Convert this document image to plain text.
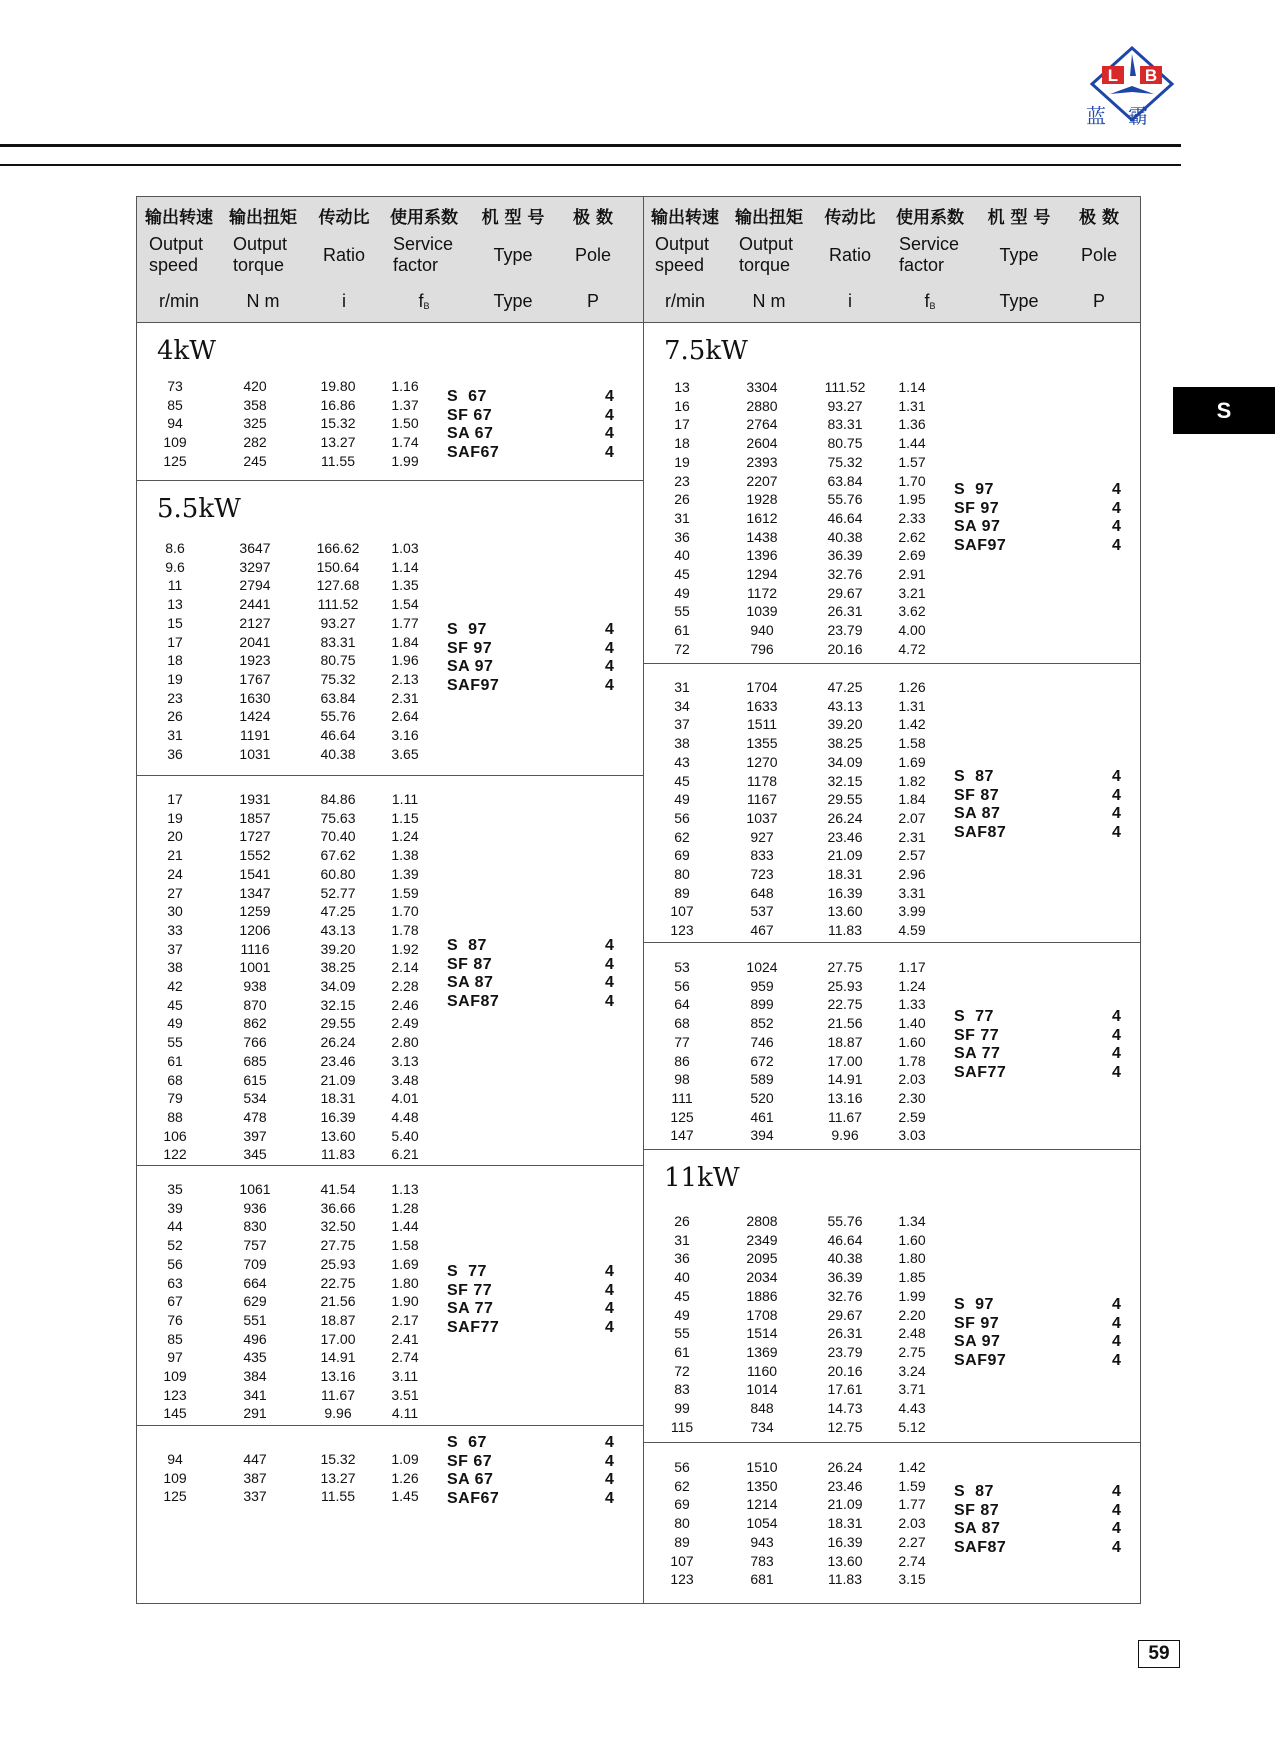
L B
蓝霸
S
输出转速
Output
speed
r/min
输出扭矩
Output
torque
N m
传动比
Ratio
i
使用系数
Service
factor
$f_B$
机 型 号
Type
Type
极 数
Pole
P
输出转速
Output
speed
r/min
输出扭矩
Output
torque
N m
传动比
Ratio
i
使用系数
Service
factor
$f_B$
机 型 号
Type
Type
极 数
Pole
P
4kW
73
85
94
109
125
420
358
325
282
245
19.80
16.86
15.32
13.27
11.55
1.16
1.37
1.50
1.74
1.99
S  67
SF 67
SA 67
SAF67
4
4
4
4
5.5kW
8.6
9.6
11
13
15
17
18
19
23
26
31
36
3647
3297
2794
2441
2127
2041
1923
1767
1630
1424
1191
1031
166.62
150.64
127.68
111.52
93.27
83.31
80.75
75.32
63.84
55.76
46.64
40.38
1.03
1.14
1.35
1.54
1.77
1.84
1.96
2.13
2.31
2.64
3.16
3.65
S  97
SF 97
SA 97
SAF97
4
4
4
4
17
19
20
21
24
27
30
33
37
38
42
45
49
55
61
68
79
88
106
122
1931
1857
1727
1552
1541
1347
1259
1206
1116
1001
938
870
862
766
685
615
534
478
397
345
84.86
75.63
70.40
67.62
60.80
52.77
47.25
43.13
39.20
38.25
34.09
32.15
29.55
26.24
23.46
21.09
18.31
16.39
13.60
11.83
1.11
1.15
1.24
1.38
1.39
1.59
1.70
1.78
1.92
2.14
2.28
2.46
2.49
2.80
3.13
3.48
4.01
4.48
5.40
6.21
S  87
SF 87
SA 87
SAF87
4
4
4
4
35
39
44
52
56
63
67
76
85
97
109
123
145
1061
936
830
757
709
664
629
551
496
435
384
341
291
41.54
36.66
32.50
27.75
25.93
22.75
21.56
18.87
17.00
14.91
13.16
11.67
9.96
1.13
1.28
1.44
1.58
1.69
1.80
1.90
2.17
2.41
2.74
3.11
3.51
4.11
S  77
SF 77
SA 77
SAF77
4
4
4
4
94
109
125
447
387
337
15.32
13.27
11.55
1.09
1.26
1.45
S  67
SF 67
SA 67
SAF67
4
4
4
4
7.5kW
13
16
17
18
19
23
26
31
36
40
45
49
55
61
72
3304
2880
2764
2604
2393
2207
1928
1612
1438
1396
1294
1172
1039
940
796
111.52
93.27
83.31
80.75
75.32
63.84
55.76
46.64
40.38
36.39
32.76
29.67
26.31
23.79
20.16
1.14
1.31
1.36
1.44
1.57
1.70
1.95
2.33
2.62
2.69
2.91
3.21
3.62
4.00
4.72
S  97
SF 97
SA 97
SAF97
4
4
4
4
31
34
37
38
43
45
49
56
62
69
80
89
107
123
1704
1633
1511
1355
1270
1178
1167
1037
927
833
723
648
537
467
47.25
43.13
39.20
38.25
34.09
32.15
29.55
26.24
23.46
21.09
18.31
16.39
13.60
11.83
1.26
1.31
1.42
1.58
1.69
1.82
1.84
2.07
2.31
2.57
2.96
3.31
3.99
4.59
S  87
SF 87
SA 87
SAF87
4
4
4
4
53
56
64
68
77
86
98
111
125
147
1024
959
899
852
746
672
589
520
461
394
27.75
25.93
22.75
21.56
18.87
17.00
14.91
13.16
11.67
9.96
1.17
1.24
1.33
1.40
1.60
1.78
2.03
2.30
2.59
3.03
S  77
SF 77
SA 77
SAF77
4
4
4
4
11kW
26
31
36
40
45
49
55
61
72
83
99
115
2808
2349
2095
2034
1886
1708
1514
1369
1160
1014
848
734
55.76
46.64
40.38
36.39
32.76
29.67
26.31
23.79
20.16
17.61
14.73
12.75
1.34
1.60
1.80
1.85
1.99
2.20
2.48
2.75
3.24
3.71
4.43
5.12
S  97
SF 97
SA 97
SAF97
4
4
4
4
56
62
69
80
89
107
123
1510
1350
1214
1054
943
783
681
26.24
23.46
21.09
18.31
16.39
13.60
11.83
1.42
1.59
1.77
2.03
2.27
2.74
3.15
S  87
SF 87
SA 87
SAF87
4
4
4
4
59
